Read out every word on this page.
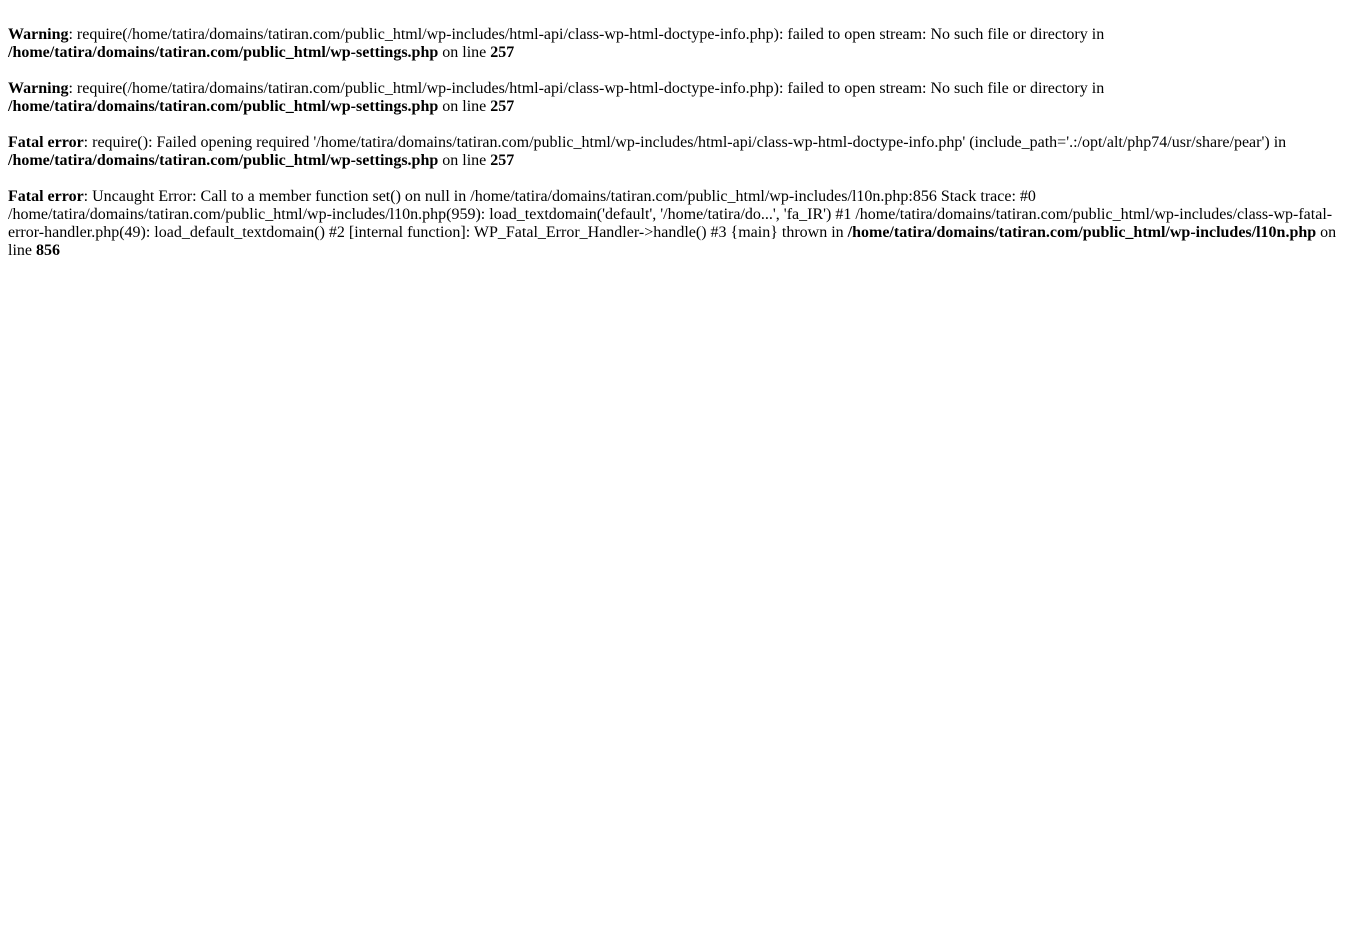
Warning: require(/home/tatira/domains/tatiran.com/public_html/wp-includes/html-api/class-wp-html-doctype-info.php): failed to open stream: No such file or directory in /home/tatira/domains/tatiran.com/public_html/wp-settings.php on line 257

Warning: require(/home/tatira/domains/tatiran.com/public_html/wp-includes/html-api/class-wp-html-doctype-info.php): failed to open stream: No such file or directory in /home/tatira/domains/tatiran.com/public_html/wp-settings.php on line 257

Fatal error: require(): Failed opening required '/home/tatira/domains/tatiran.com/public_html/wp-includes/html-api/class-wp-html-doctype-info.php' (include_path='.:/opt/alt/php74/usr/share/pear') in /home/tatira/domains/tatiran.com/public_html/wp-settings.php on line 257

Fatal error: Uncaught Error: Call to a member function set() on null in /home/tatira/domains/tatiran.com/public_html/wp-includes/l10n.php:856 Stack trace: #0 /home/tatira/domains/tatiran.com/public_html/wp-includes/l10n.php(959): load_textdomain('default', '/home/tatira/do...', 'fa_IR') #1 /home/tatira/domains/tatiran.com/public_html/wp-includes/class-wp-fatal-error-handler.php(49): load_default_textdomain() #2 [internal function]: WP_Fatal_Error_Handler->handle() #3 {main} thrown in /home/tatira/domains/tatiran.com/public_html/wp-includes/l10n.php on line 856
